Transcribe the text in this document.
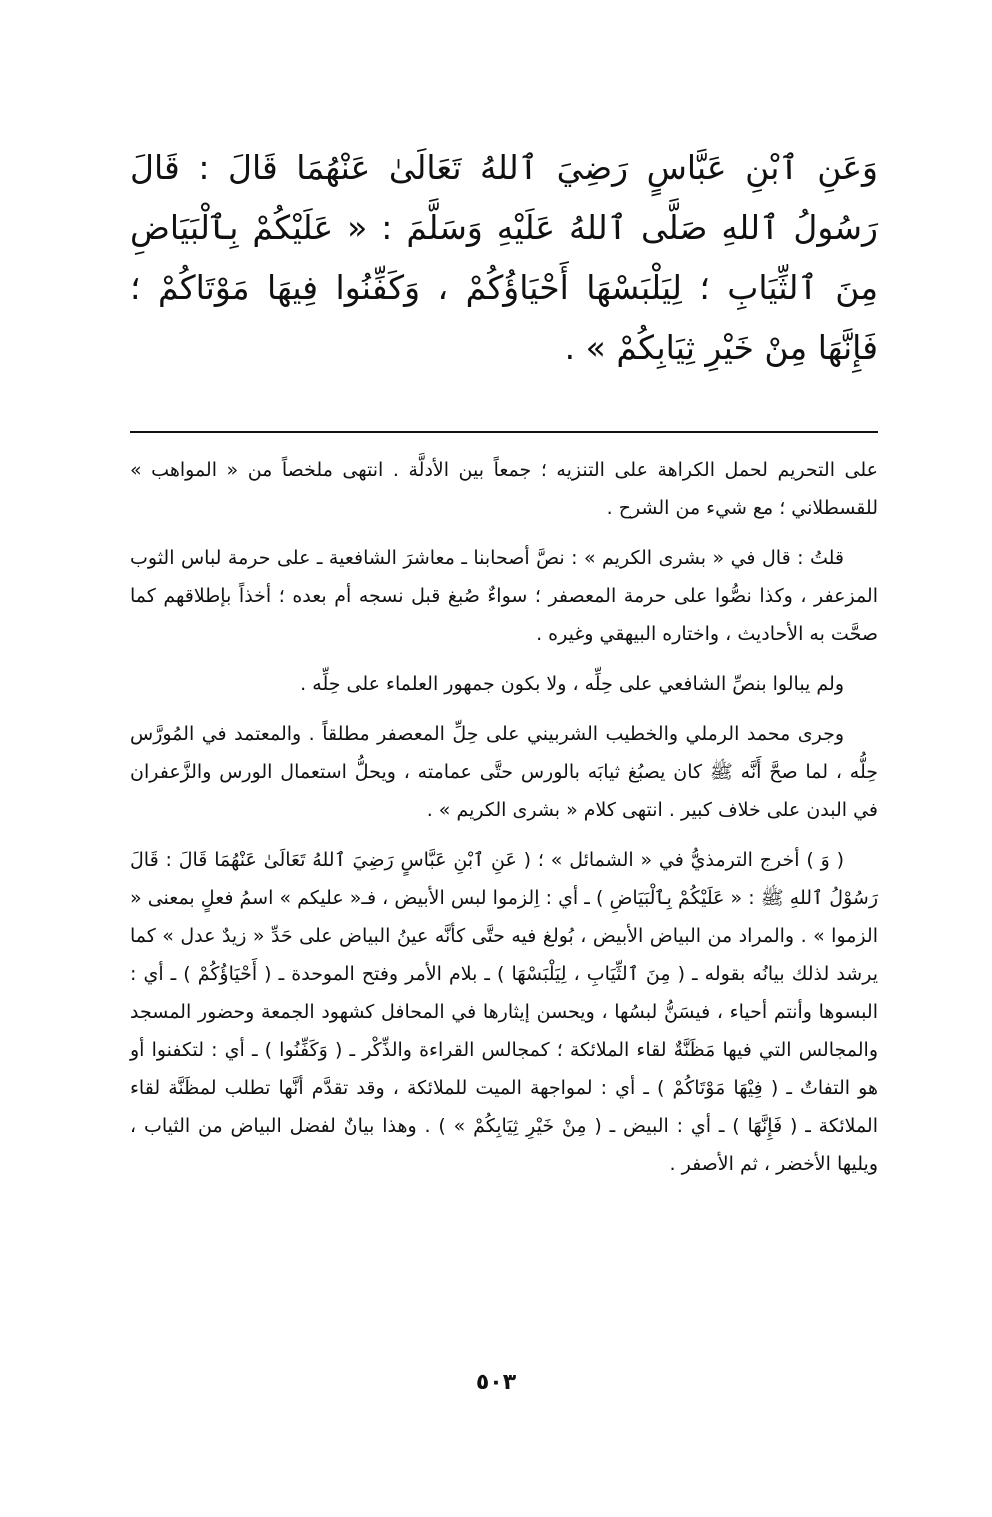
وَعَنِ ٱبْنِ عَبَّاسٍ رَضِيَ ٱللهُ تَعَالَىٰ عَنْهُمَا قَالَ : قَالَ رَسُولُ ٱللهِ صَلَّى ٱللهُ عَلَيْهِ وَسَلَّمَ : « عَلَيْكُمْ بِٱلْبَيَاضِ مِنَ ٱلثِّيَابِ ؛ لِيَلْبَسْهَا أَحْيَاؤُكُمْ ، وَكَفِّنُوا فِيهَا مَوْتَاكُمْ ؛ فَإِنَّهَا مِنْ خَيْرِ ثِيَابِكُمْ » .

على التحريم لحمل الكراهة على التنزيه ؛ جمعاً بين الأدلَّة . انتهى ملخصاً من « المواهب » للقسطلاني ؛ مع شيء من الشرح .

قلتُ : قال في « بشرى الكريم » : نصَّ أصحابنا ـ معاشرَ الشافعية ـ على حرمة لباس الثوب المزعفر ، وكذا نصُّوا على حرمة المعصفر ؛ سواءٌ صُبغ قبل نسجه أم بعده ؛ أخذاً بإطلاقهم كما صحَّت به الأحاديث ، واختاره البيهقي وغيره .

ولم يبالوا بنصِّ الشافعي على حِلِّه ، ولا بكون جمهور العلماء على حِلِّه .

وجرى محمد الرملي والخطيب الشربيني على حِلِّ المعصفر مطلقاً . والمعتمد في المُورَّس حِلُّه ، لما صحَّ أَنَّه ﷺ كان يصبُغ ثيابَه بالورس حتَّى عمامته ، ويحلُّ استعمال الورس والزَّعفران في البدن على خلاف كبير . انتهى كلام « بشرى الكريم » .

( وَ ) أخرج الترمذيُّ في « الشمائل » ؛ ( عَنِ ٱبْنِ عَبَّاسٍ رَضِيَ ٱللهُ تَعَالَىٰ عَنْهُمَا قَالَ : قَالَ رَسُوْلُ ٱللهِ ﷺ : « عَلَيْكُمْ بِٱلْبَيَاضِ ) ـ أي : اِلزموا لبس الأبيض ، فـ« عليكم » اسمُ فعلٍ بمعنى « الزموا » . والمراد من البياض الأبيض ، بُولغ فيه حتَّى كأنَّه عينُ البياض على حَدِّ « زيدٌ عدل » كما يرشد لذلك بيانُه بقوله ـ ( مِنَ ٱلثِّيَابِ ، لِيَلْبَسْهَا ) ـ بلام الأمر وفتح الموحدة ـ ( أَحْيَاؤُكُمْ ) ـ أي : البسوها وأنتم أحياء ، فيسَنُّ لبسُها ، ويحسن إيثارها في المحافل كشهود الجمعة وحضور المسجد والمجالس التي فيها مَظَنَّةٌ لقاء الملائكة ؛ كمجالس القراءة والذِّكْر ـ ( وَكَفِّنُوا ) ـ أي : لتكفنوا أو هو التفاتٌ ـ ( فِيْهَا مَوْتَاكُمْ ) ـ أي : لمواجهة الميت للملائكة ، وقد تقدَّم أنَّها تطلب لمظَنَّة لقاء الملائكة ـ ( فَإِنَّهَا ) ـ أي : البيض ـ ( مِنْ خَيْرِ ثِيَابِكُمْ » ) . وهذا بيانٌ لفضل البياض من الثياب ، ويليها الأخضر ، ثم الأصفر .

٥٠٣
